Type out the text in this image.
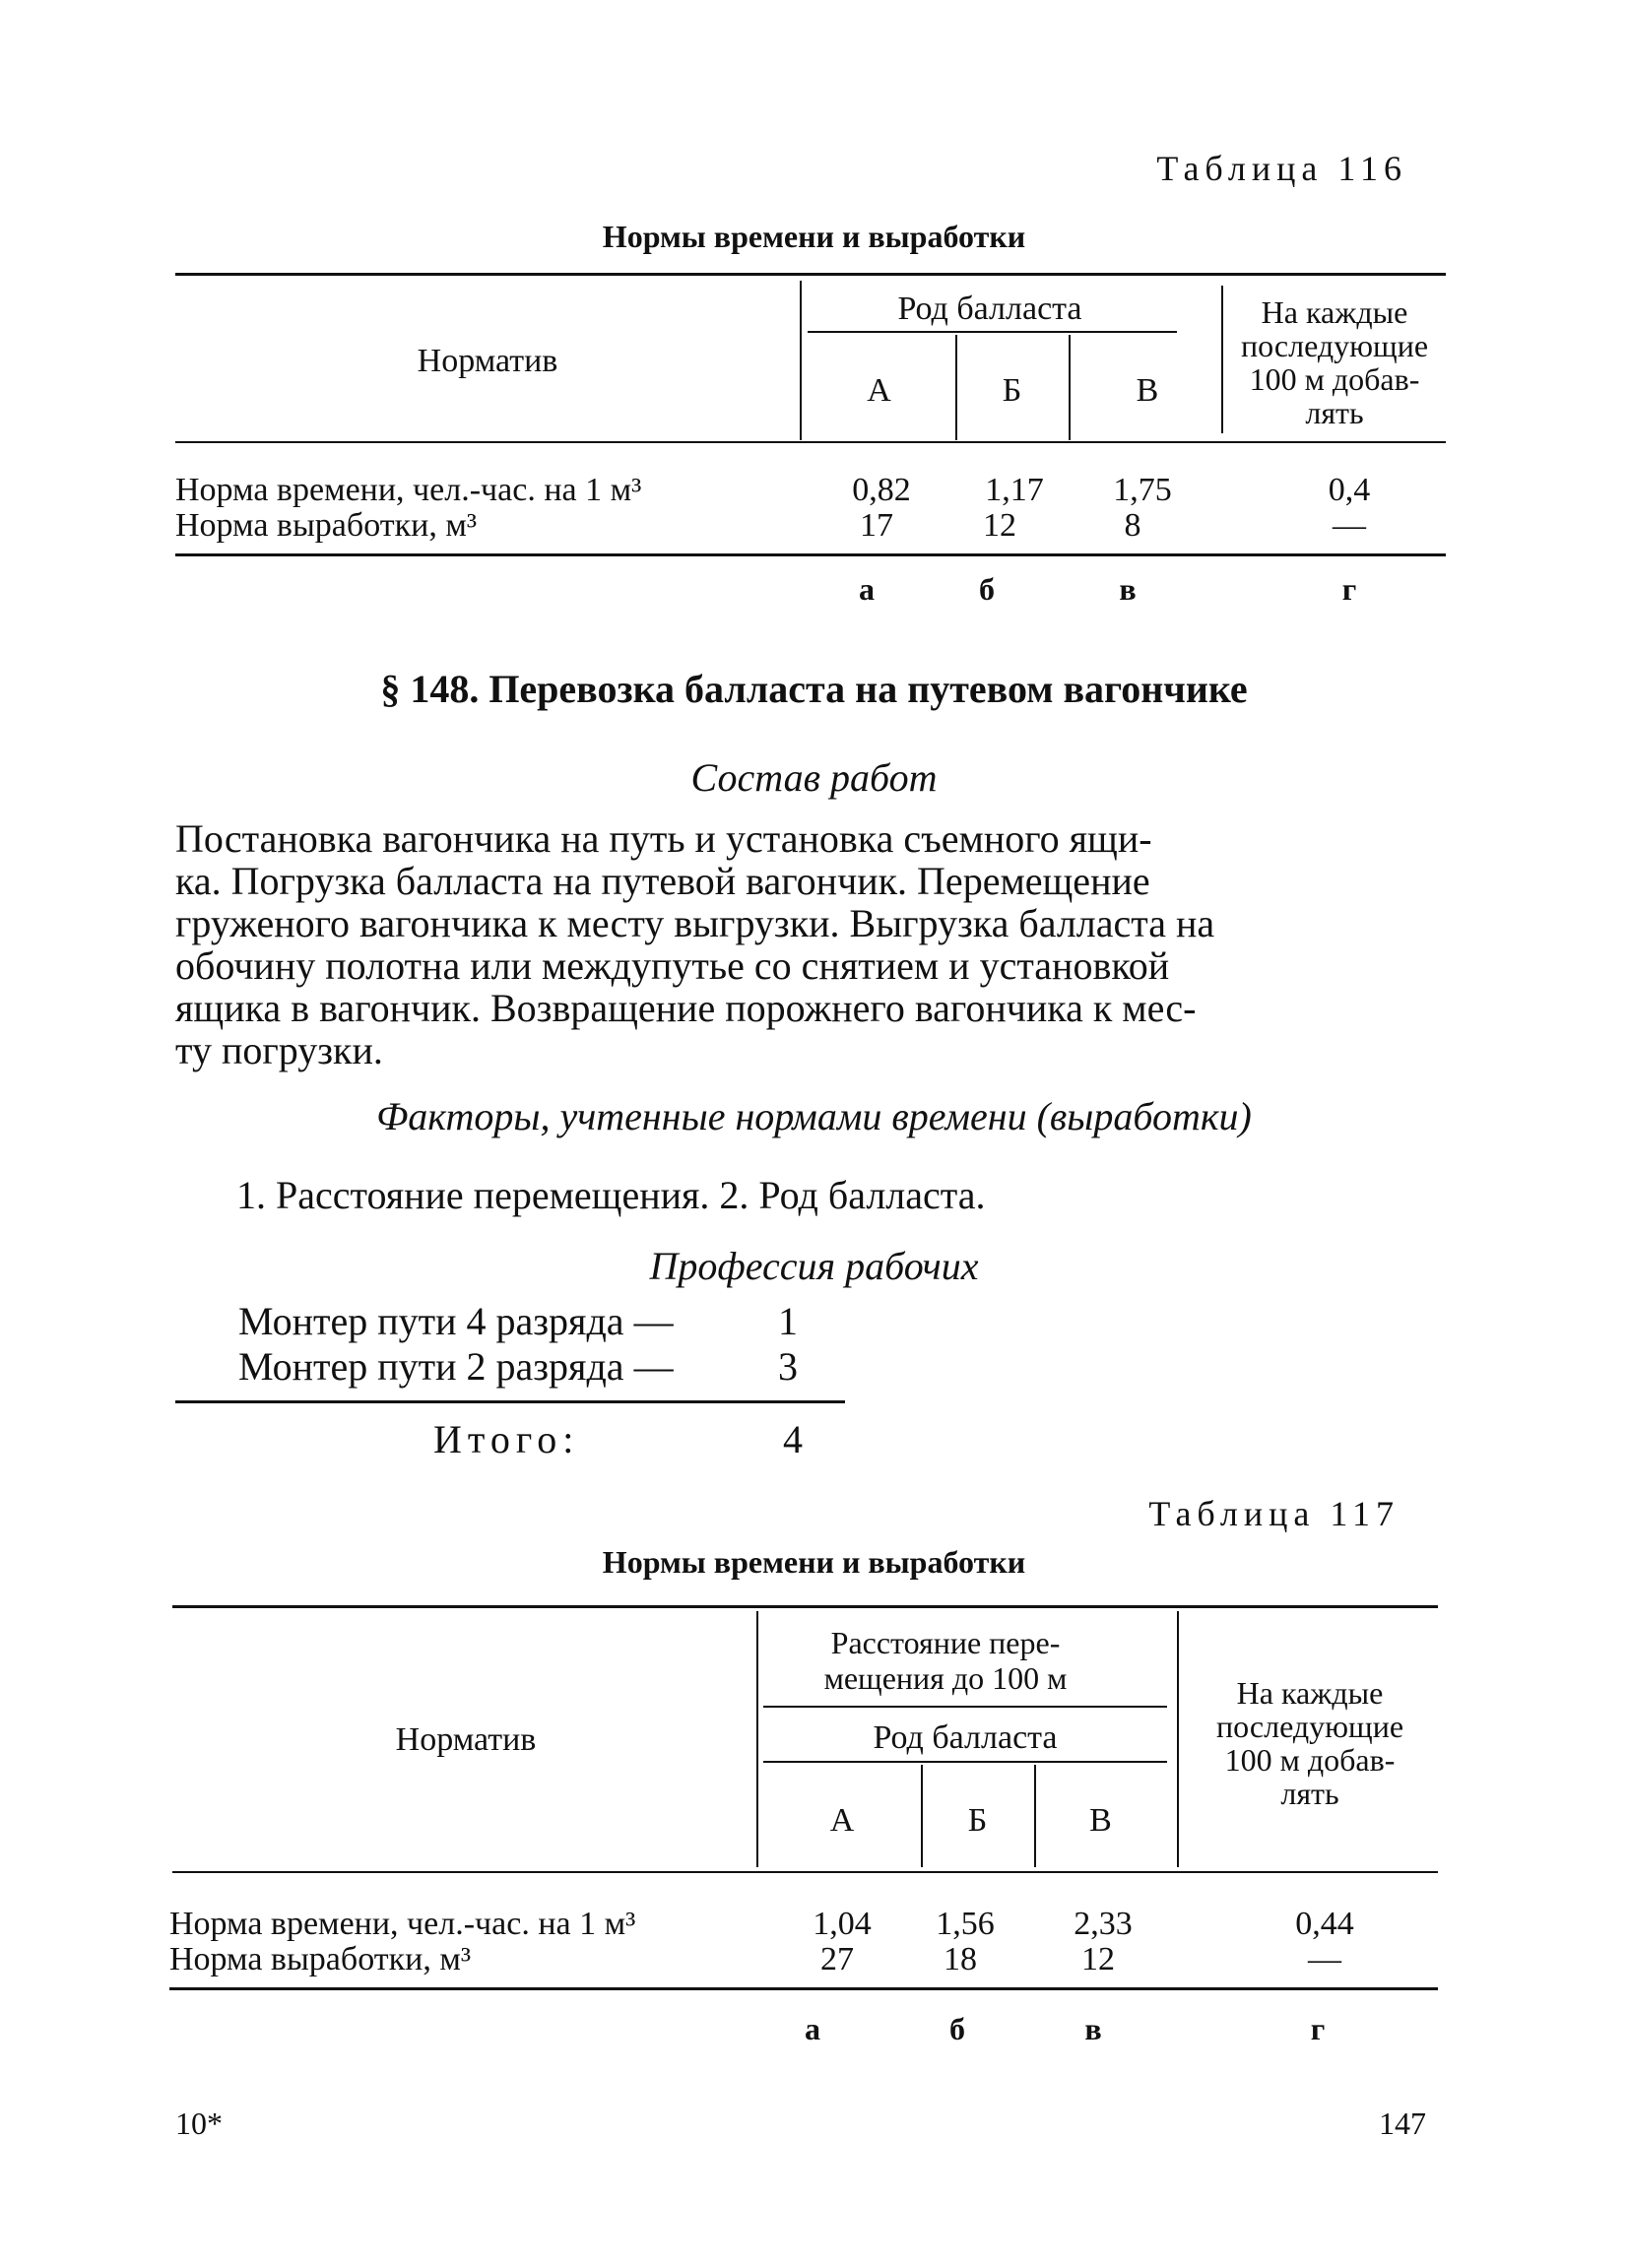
Таблица 116
Нормы времени и выработки
Норматив
Род балласта
А	Б	В
На каждые
последующие
100 м добав-
лять
Норма времени, чел.-час. на 1 м³	0,82	1,17	1,75	0,4
Норма выработки, м³	17	12	8	—
а	б	в	г
§ 148. Перевозка балласта на путевом вагончике
Состав работ
Постановка вагончика на путь и установка съемного ящи-
ка. Погрузка балласта на путевой вагончик. Перемещение
груженого вагончика к месту выгрузки. Выгрузка балласта на
обочину полотна или междупутье со снятием и установкой
ящика в вагончик. Возвращение порожнего вагончика к мес-
ту погрузки.
Факторы, учтенные нормами времени (выработки)
1. Расстояние перемещения. 2. Род балласта.
Профессия рабочих
Монтер пути 4 разряда —	1
Монтер пути 2 разряда —	3
Итого:	4
Таблица 117
Нормы времени и выработки
Норматив
Расстояние пере-
мещения до 100 м
Род балласта
А	Б	В
На каждые
последующие
100 м добав-
лять
Норма времени, чел.-час. на 1 м³	1,04	1,56	2,33	0,44
Норма выработки, м³	27	18	12	—
а	б	в	г
10*	147
